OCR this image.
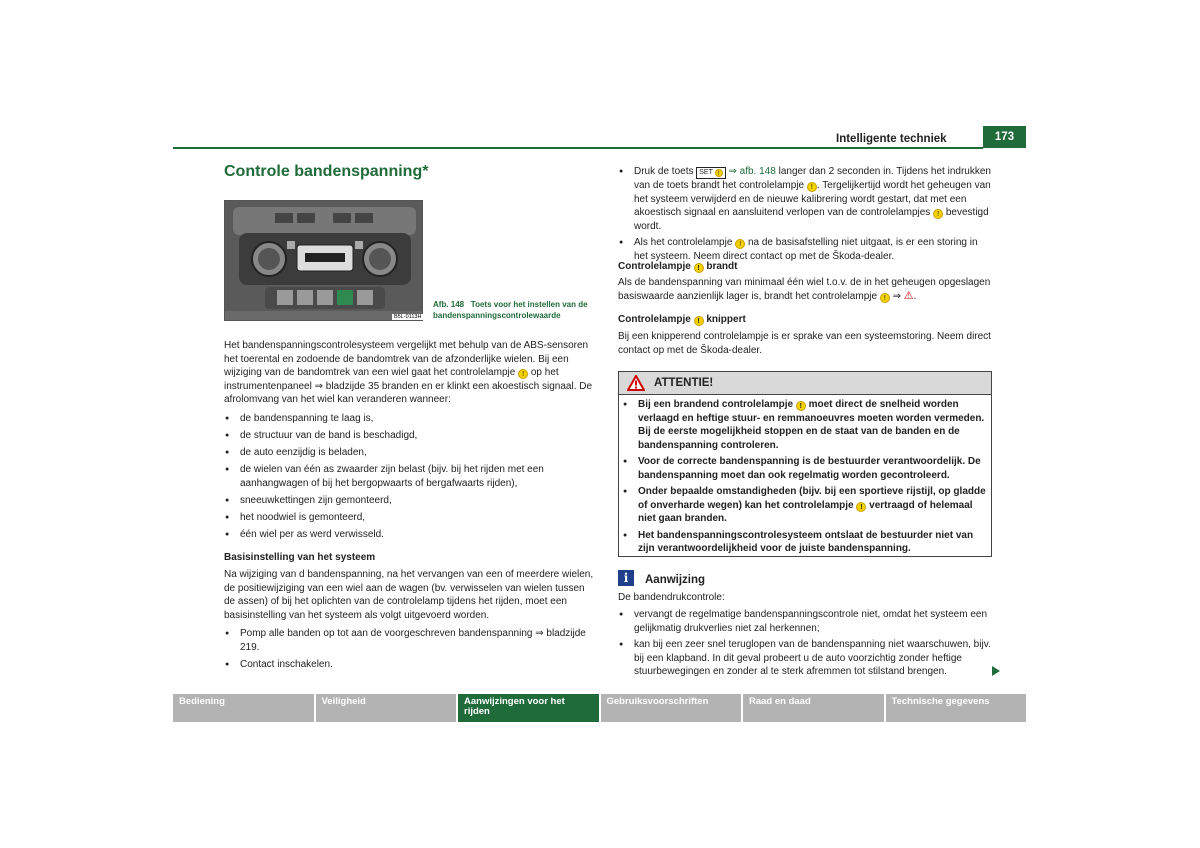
Intelligente techniek	173
Controle bandenspanning*
B5L-0113H
Afb. 148 Toets voor het instellen van de bandenspanningscontrolewaarde
Het bandenspanningscontrolesysteem vergelijkt met behulp van de ABS-sensoren het toerental en zodoende de bandomtrek van de afzonderlijke wielen. Bij een wijziging van de bandomtrek van een wiel gaat het controlelampje ! op het instrumentenpaneel ⇒ bladzijde 35 branden en er klinkt een akoestisch signaal. De afrolomvang van het wiel kan veranderen wanneer:
● de bandenspanning te laag is,
● de structuur van de band is beschadigd,
● de auto eenzijdig is beladen,
● de wielen van één as zwaarder zijn belast (bijv. bij het rijden met een aanhangwagen of bij het bergopwaarts of bergafwaarts rijden),
● sneeuwkettingen zijn gemonteerd,
● het noodwiel is gemonteerd,
● één wiel per as werd verwisseld.
Basisinstelling van het systeem
Na wijziging van d bandenspanning, na het vervangen van een of meerdere wielen, de positiewijziging van een wiel aan de wagen (bv. verwisselen van wielen tussen de assen) of bij het oplichten van de controlelamp tijdens het rijden, moet een basisinstelling van het systeem als volgt uitgevoerd worden.
● Pomp alle banden op tot aan de voorgeschreven bandenspanning ⇒ bladzijde 219.
● Contact inschakelen.
● Druk de toets SET ! ⇒ afb. 148 langer dan 2 seconden in. Tijdens het indrukken van de toets brandt het controlelampje ! . Tergelijkertijd wordt het geheugen van het systeem verwijderd en de nieuwe kalibrering wordt gestart, dat met een akoestisch signaal en aansluitend verlopen van de controlelampjes ! bevestigd wordt.
● Als het controlelampje ! na de basisafstelling niet uitgaat, is er een storing in het systeem. Neem direct contact op met de Škoda-dealer.
Controlelampje ! brandt
Als de bandenspanning van minimaal één wiel t.o.v. de in het geheugen opgeslagen basiswaarde aanzienlijk lager is, brandt het controlelampje ! ⇒ ⚠.
Controlelampje ! knippert
Bij een knipperend controlelampje is er sprake van een systeemstoring. Neem direct contact op met de Škoda-dealer.
ATTENTIE!

● Bij een brandend controlelampje ! moet direct de snelheid worden verlaagd en heftige stuur- en remmanoeuvres moeten worden vermeden. Bij de eerste mogelijkheid stoppen en de staat van de banden en de bandenspanning controleren.

● Voor de correcte bandenspanning is de bestuurder verantwoordelijk. De bandenspanning moet dan ook regelmatig worden gecontroleerd.

● Onder bepaalde omstandigheden (bijv. bij een sportieve rijstijl, op gladde of onverharde wegen) kan het controlelampje ! vertraagd of helemaal niet gaan branden.

● Het bandenspanningscontrolesysteem ontslaat de bestuurder niet van zijn verantwoordelijkheid voor de juiste bandenspanning.

i	Aanwijzing
De bandendrukcontrole:
● vervangt de regelmatige bandenspanningscontrole niet, omdat het systeem een gelijkmatig drukverlies niet zal herkennen;
● kan bij een zeer snel teruglopen van de bandenspanning niet waarschuwen, bijv. bij een klapband. In dit geval probeert u de auto voorzichtig zonder heftige stuurbewegingen en zonder al te sterk afremmen tot stilstand brengen.
Bediening	Veiligheid	Aanwijzingen voor het rijden
Gebruiksvoorschriften	Raad en daad	Technische gegevens
